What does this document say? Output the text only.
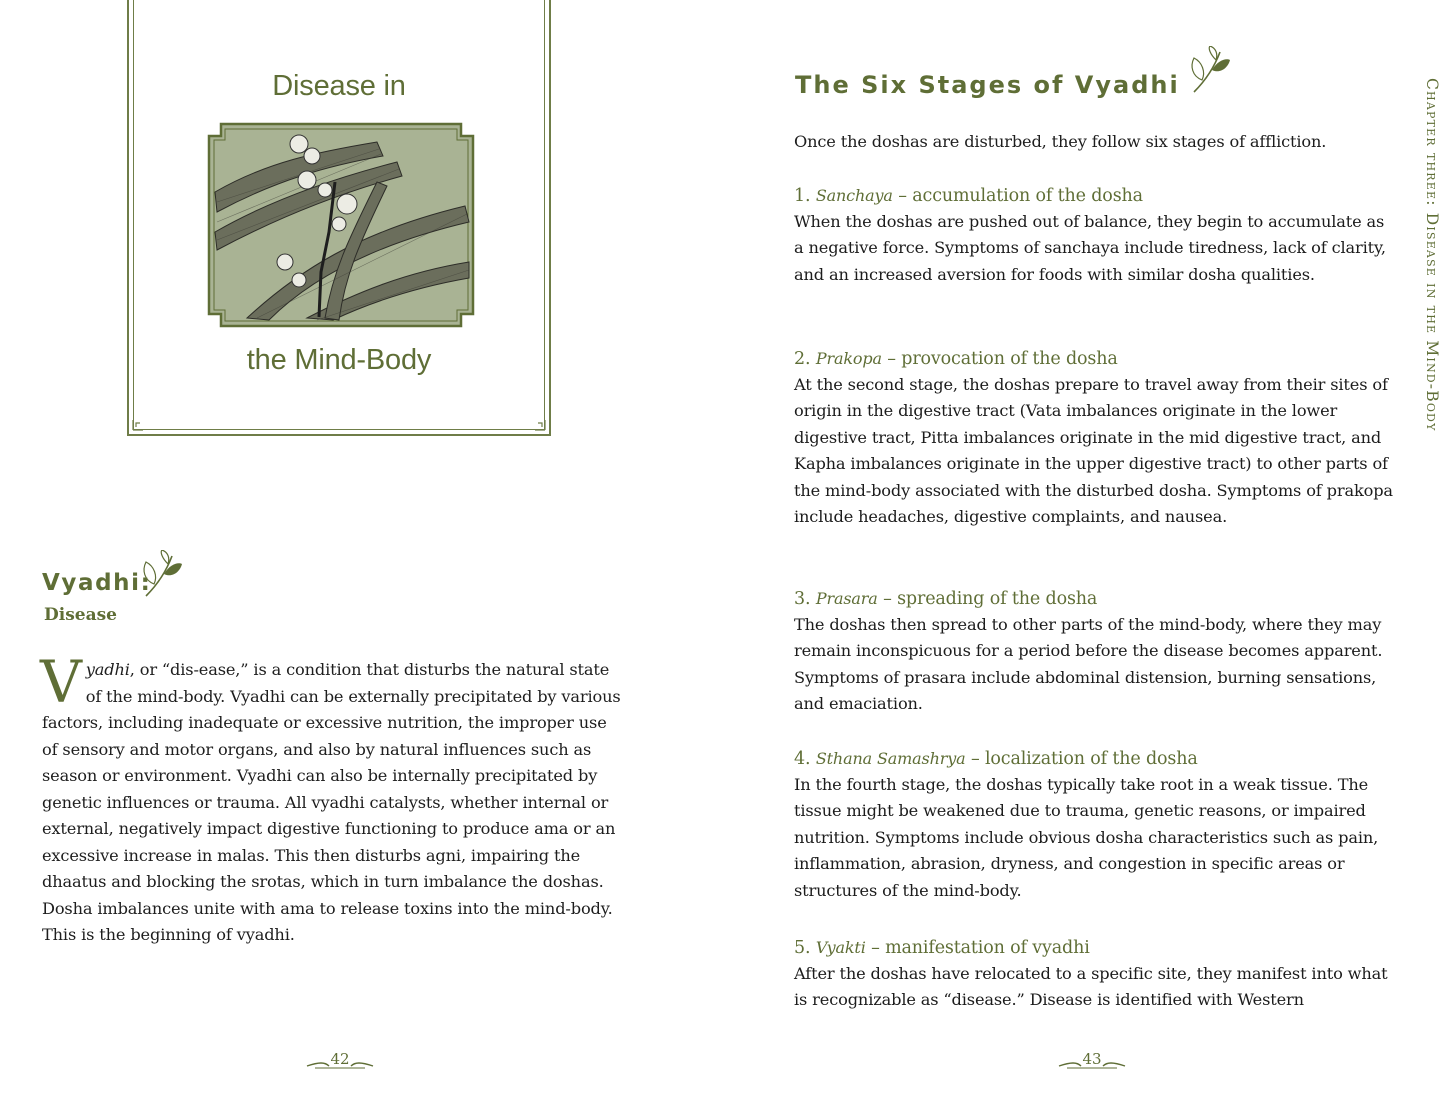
Disease in
the Mind-Body
Vyadhi:
Disease
Vyadhi, or “dis-ease,” is a condition that disturbs the natural state of the mind-body. Vyadhi can be externally precipitated by various factors, including inadequate or excessive nutrition, the improper use of sensory and motor organs, and also by natural influences such as season or environment. Vyadhi can also be internally precipitated by genetic influences or trauma. All vyadhi catalysts, whether internal or external, negatively impact digestive functioning to produce ama or an excessive increase in malas. This then disturbs agni, impairing the dhaatus and blocking the srotas, which in turn imbalance the doshas. Dosha imbalances unite with ama to release toxins into the mind-body. This is the beginning of vyadhi.
42
The Six Stages of Vyadhi
Once the doshas are disturbed, they follow six stages of affliction.
1. Sanchaya – accumulation of the dosha
When the doshas are pushed out of balance, they begin to accumulate as a negative force. Symptoms of sanchaya include tiredness, lack of clarity, and an increased aversion for foods with similar dosha qualities.
2. Prakopa – provocation of the dosha
At the second stage, the doshas prepare to travel away from their sites of origin in the digestive tract (Vata imbalances originate in the lower digestive tract, Pitta imbalances originate in the mid digestive tract, and Kapha imbalances originate in the upper digestive tract) to other parts of the mind-body associated with the disturbed dosha. Symptoms of prakopa include headaches, digestive complaints, and nausea.
3. Prasara – spreading of the dosha
The doshas then spread to other parts of the mind-body, where they may remain inconspicuous for a period before the disease becomes apparent. Symptoms of prasara include abdominal distension, burning sensations, and emaciation.
4. Sthana Samashrya – localization of the dosha
In the fourth stage, the doshas typically take root in a weak tissue. The tissue might be weakened due to trauma, genetic reasons, or impaired nutrition. Symptoms include obvious dosha characteristics such as pain, inflammation, abrasion, dryness, and congestion in specific areas or structures of the mind-body.
5. Vyakti – manifestation of vyadhi
After the doshas have relocated to a specific site, they manifest into what is recognizable as “disease.” Disease is identified with Western
43
Chapter three: Disease in the Mind-Body
